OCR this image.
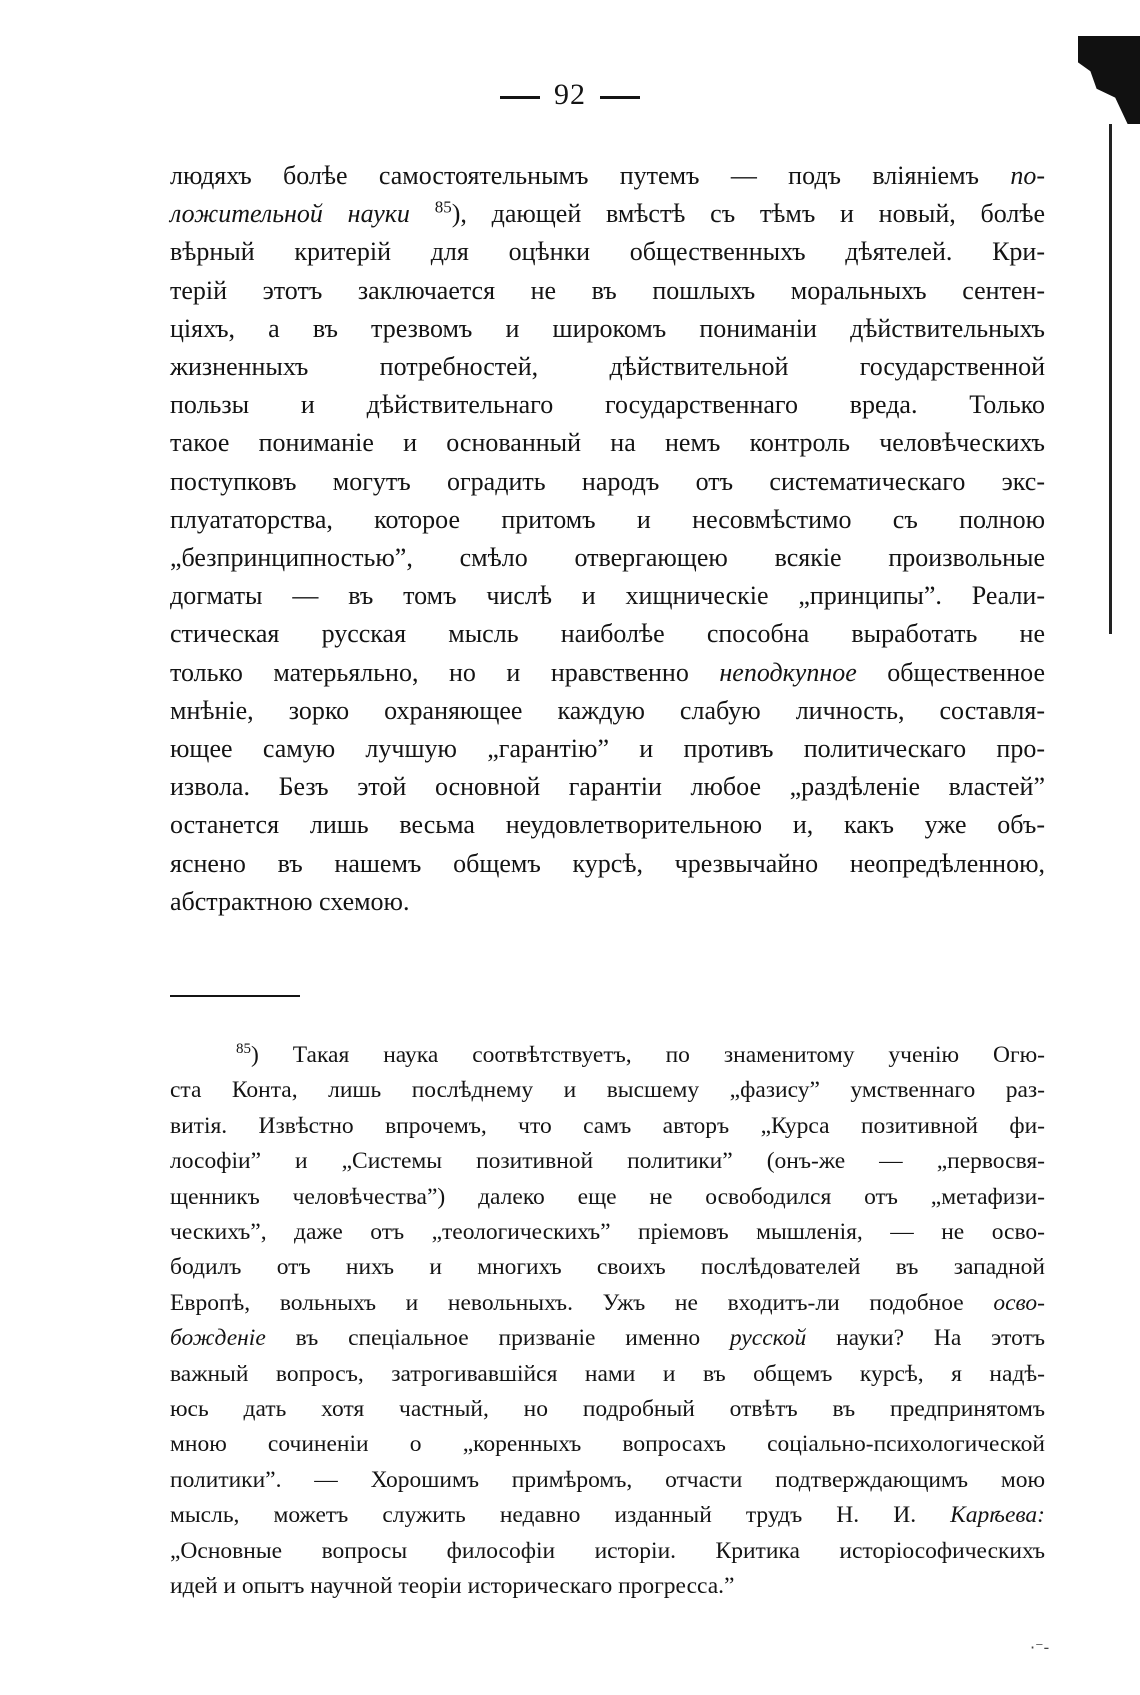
92
людяхъ болѣе самостоятельнымъ путемъ — подъ вліяніемъ по-
ложительной науки $^{85}$), дающей вмѣстѣ съ тѣмъ и новый, болѣе
вѣрный критерій для оцѣнки общественныхъ дѣятелей. Кри-
терій этотъ заключается не въ пошлыхъ моральныхъ сентен-
ціяхъ, а въ трезвомъ и широкомъ пониманіи дѣйствительныхъ
жизненныхъ потребностей, дѣйствительной государственной
пользы и дѣйствительнаго государственнаго вреда. Только
такое пониманіе и основанный на немъ контроль человѣческихъ
поступковъ могутъ оградить народъ отъ систематическаго экс-
плуататорства, которое притомъ и несовмѣстимо съ полною
„безпринципностью”, смѣло отвергающею всякіе произвольные
догматы — въ томъ числѣ и хищническіе „принципы”. Реали-
стическая русская мысль наиболѣе способна выработать не
только матерьяльно, но и нравственно неподкупное общественное
мнѣніе, зорко охраняющее каждую слабую личность, составля-
ющее самую лучшую „гарантію” и противъ политическаго про-
извола. Безъ этой основной гарантіи любое „раздѣленіе властей”
останется лишь весьма неудовлетворительною и, какъ уже объ-
яснено въ нашемъ общемъ курсѣ, чрезвычайно неопредѣленною,
абстрактною схемою.
$^{85}$) Такая наука соотвѣтствуетъ, по знаменитому ученію Огю-
ста Конта, лишь послѣднему и высшему „фазису” умственнаго раз-
витія. Извѣстно впрочемъ, что самъ авторъ „Курса позитивной фи-
лософіи” и „Системы позитивной политики” (онъ-же — „первосвя-
щенникъ человѣчества”) далеко еще не освободился отъ „метафизи-
ческихъ”, даже отъ „теологическихъ” пріемовъ мышленія, — не осво-
бодилъ отъ нихъ и многихъ своихъ послѣдователей въ западной
Европѣ, вольныхъ и невольныхъ. Ужъ не входитъ-ли подобное осво-
божденіе въ спеціальное призваніе именно русской науки? На этотъ
важный вопросъ, затрогивавшійся нами и въ общемъ курсѣ, я надѣ-
юсь дать хотя частный, но подробный отвѣтъ въ предпринятомъ
мною сочиненіи о „коренныхъ вопросахъ соціально-психологической
политики”. — Хорошимъ примѣромъ, отчасти подтверждающимъ мою
мысль, можетъ служить недавно изданный трудъ Н. И. Карѣева:
„Основные вопросы философіи исторіи. Критика исторіософическихъ
идей и опытъ научной теоріи историческаго прогресса.”
·⁻-
